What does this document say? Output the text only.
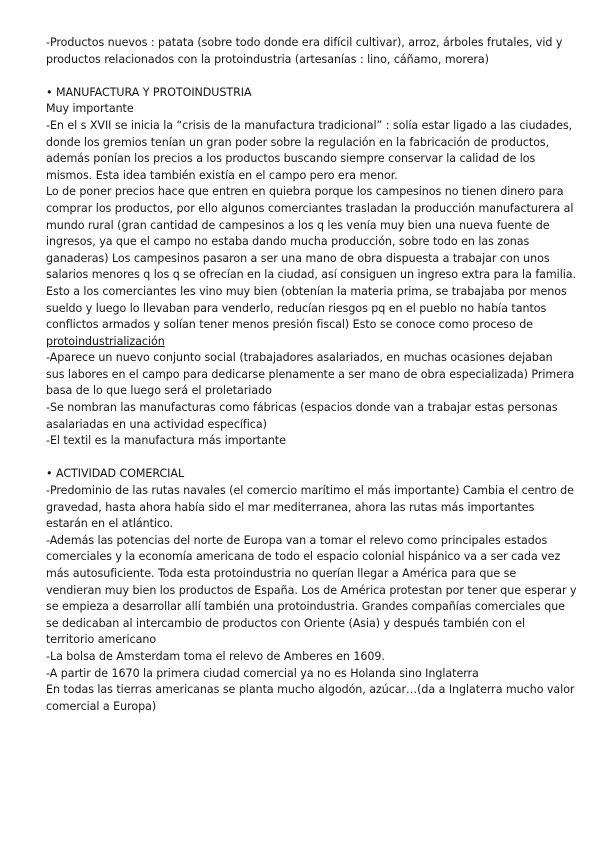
-Productos nuevos : patata (sobre todo donde era difícil cultivar), arroz, árboles frutales, vid y
productos relacionados con la protoindustria (artesanías : lino, cáñamo, morera)
• MANUFACTURA Y PROTOINDUSTRIA
Muy importante
-En el s XVII se inicia la “crisis de la manufactura tradicional” : solía estar ligado a las ciudades,
donde los gremios tenían un gran poder sobre la regulación en la fabricación de productos,
además ponían los precios a los productos buscando siempre conservar la calidad de los
mismos. Esta idea también existía en el campo pero era menor.
Lo de poner precios hace que entren en quiebra porque los campesinos no tienen dinero para
comprar los productos, por ello algunos comerciantes trasladan la producción manufacturera al
mundo rural (gran cantidad de campesinos a los q les venía muy bien una nueva fuente de
ingresos, ya que el campo no estaba dando mucha producción, sobre todo en las zonas
ganaderas) Los campesinos pasaron a ser una mano de obra dispuesta a trabajar con unos
salarios menores q los q se ofrecían en la ciudad, así consiguen un ingreso extra para la familia.
Esto a los comerciantes les vino muy bien (obtenían la materia prima, se trabajaba por menos
sueldo y luego lo llevaban para venderlo, reducían riesgos pq en el pueblo no había tantos
conflictos armados y solían tener menos presión fiscal) Esto se conoce como proceso de
protoindustrialización
-Aparece un nuevo conjunto social (trabajadores asalariados, en muchas ocasiones dejaban
sus labores en el campo para dedicarse plenamente a ser mano de obra especializada) Primera
basa de lo que luego será el proletariado
-Se nombran las manufacturas como fábricas (espacios donde van a trabajar estas personas
asalariadas en una actividad específica)
-El textil es la manufactura más importante
• ACTIVIDAD COMERCIAL
-Predominio de las rutas navales (el comercio marítimo el más importante) Cambia el centro de
gravedad, hasta ahora había sido el mar mediterranea, ahora las rutas más importantes
estarán en el atlántico.
-Además las potencias del norte de Europa van a tomar el relevo como principales estados
comerciales y la economía americana de todo el espacio colonial hispánico va a ser cada vez
más autosuficiente. Toda esta protoindustria no querían llegar a América para que se
vendieran muy bien los productos de España. Los de América protestan por tener que esperar y
se empieza a desarrollar allí también una protoindustria. Grandes compañías comerciales que
se dedicaban al intercambio de productos con Oriente (Asia) y después también con el
territorio americano
-La bolsa de Amsterdam toma el relevo de Amberes en 1609.
-A partir de 1670 la primera ciudad comercial ya no es Holanda sino Inglaterra
En todas las tierras americanas se planta mucho algodón, azúcar…(da a Inglaterra mucho valor
comercial a Europa)
